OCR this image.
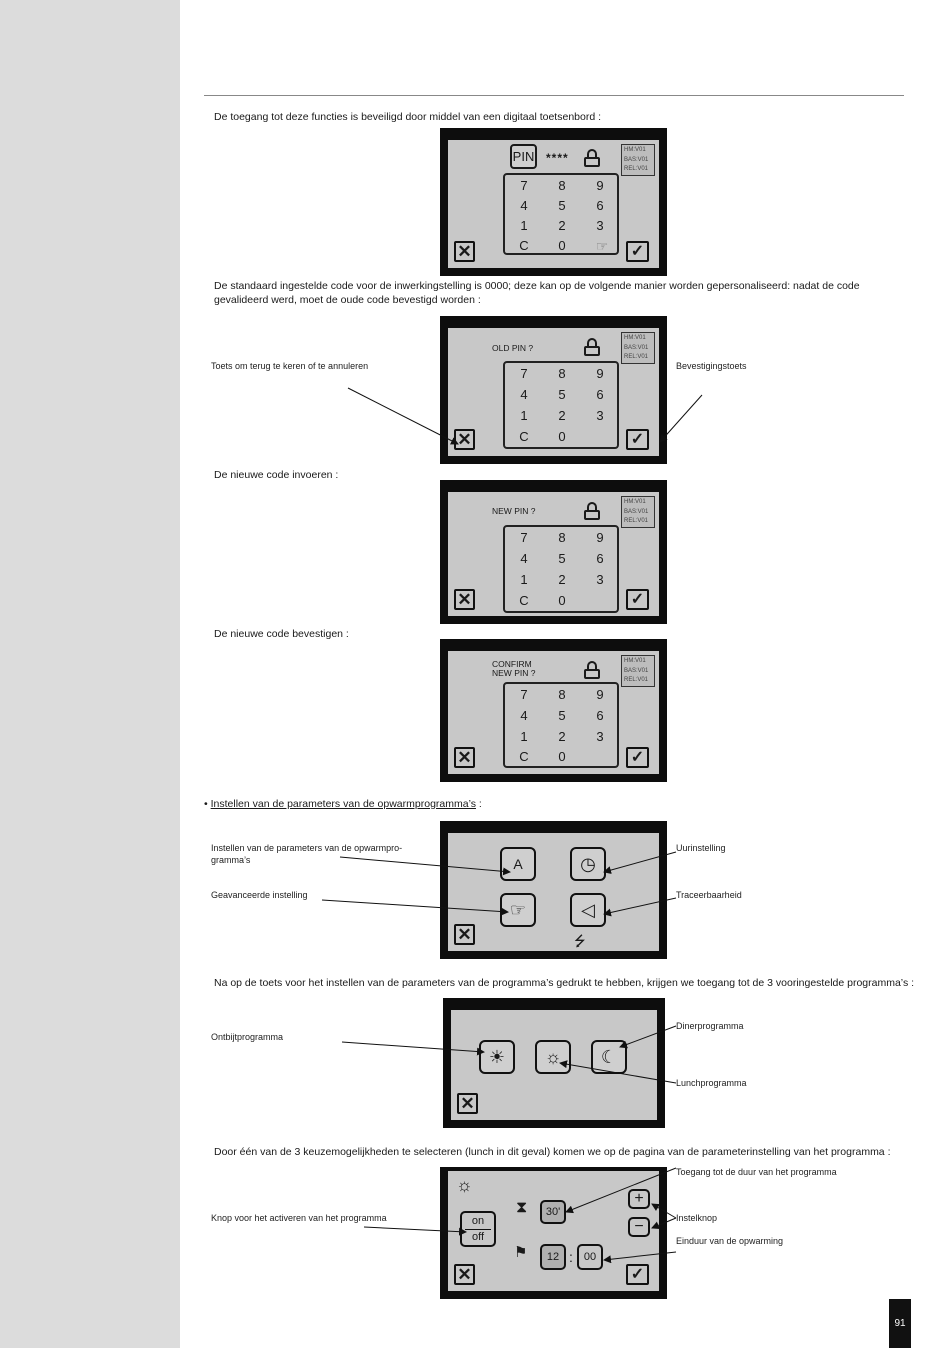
De toegang tot deze functies is beveiligd door middel van een digitaal toetsenbord :
PIN ****
HM:V01
BAS:V01
REL:V01
7	8	9
4	5	6
1	2	3
C	0	☞
✕	✓
De standaard ingestelde code voor de inwerkingstelling is 0000; deze kan op de volgende manier worden gepersonaliseerd: nadat de code gevalideerd werd, moet de oude code bevestigd worden :
OLD PIN ?
HM:V01
BAS:V01
REL:V01
7	8	9
4	5	6
1	2	3
C	0
✕	✓
Toets om terug te keren of te annuleren	Bevestigingstoets
De nieuwe code invoeren :
NEW PIN ?
HM:V01
BAS:V01
REL:V01
7	8	9
4	5	6
1	2	3
C	0
✕	✓
De nieuwe code bevestigen :
CONFIRM
NEW PIN ?
HM:V01
BAS:V01
REL:V01
7	8	9
4	5	6
1	2	3
C	0
✕	✓
• Instellen van de parameters van de opwarmprogramma’s :
A	◷
☞	◁
⭍
✕
Instellen van de parameters van de opwarmpro-gramma’s
Uurinstelling
Geavanceerde instelling	Traceerbaarheid
Na op de toets voor het instellen van de parameters van de programma’s gedrukt te hebben, krijgen we toegang tot de 3 vooringestelde programma’s :
☀ ☼ ☾
✕
Ontbijtprogramma
Dinerprogramma
Lunchprogramma
Door één van de 3 keuzemogelijkheden te selecteren (lunch in dit geval) komen we op de pagina van de parameterinstelling van het programma :
☼
on
off
⧗ 30'
⚑ 12 : 00
+
−
✕	✓
Toegang tot de duur van het programma
Knop voor het activeren van het programma	Instelknop
Einduur van de opwarming
91
